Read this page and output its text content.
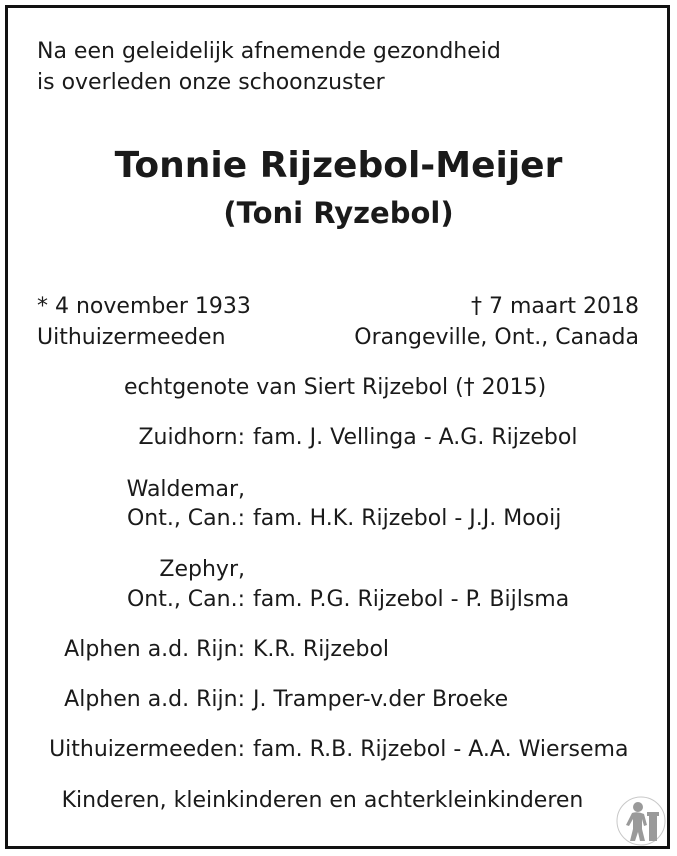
Na een geleidelijk afnemende gezondheid
is overleden onze schoonzuster
Tonnie Rijzebol-Meijer
(Toni Ryzebol)
* 4 november 1933
Uithuizermeeden
† 7 maart 2018
Orangeville, Ont., Canada
echtgenote van Siert Rijzebol († 2015)
Zuidhorn: fam. J. Vellinga - A.G. Rijzebol
Waldemar,
Ont., Can.: fam. H.K. Rijzebol - J.J. Mooij
Zephyr,
Ont., Can.: fam. P.G. Rijzebol - P. Bijlsma
Alphen a.d. Rijn: K.R. Rijzebol
Alphen a.d. Rijn: J. Tramper-v.der Broeke
Uithuizermeeden: fam. R.B. Rijzebol - A.A. Wiersema
Kinderen, kleinkinderen en achterkleinkinderen
